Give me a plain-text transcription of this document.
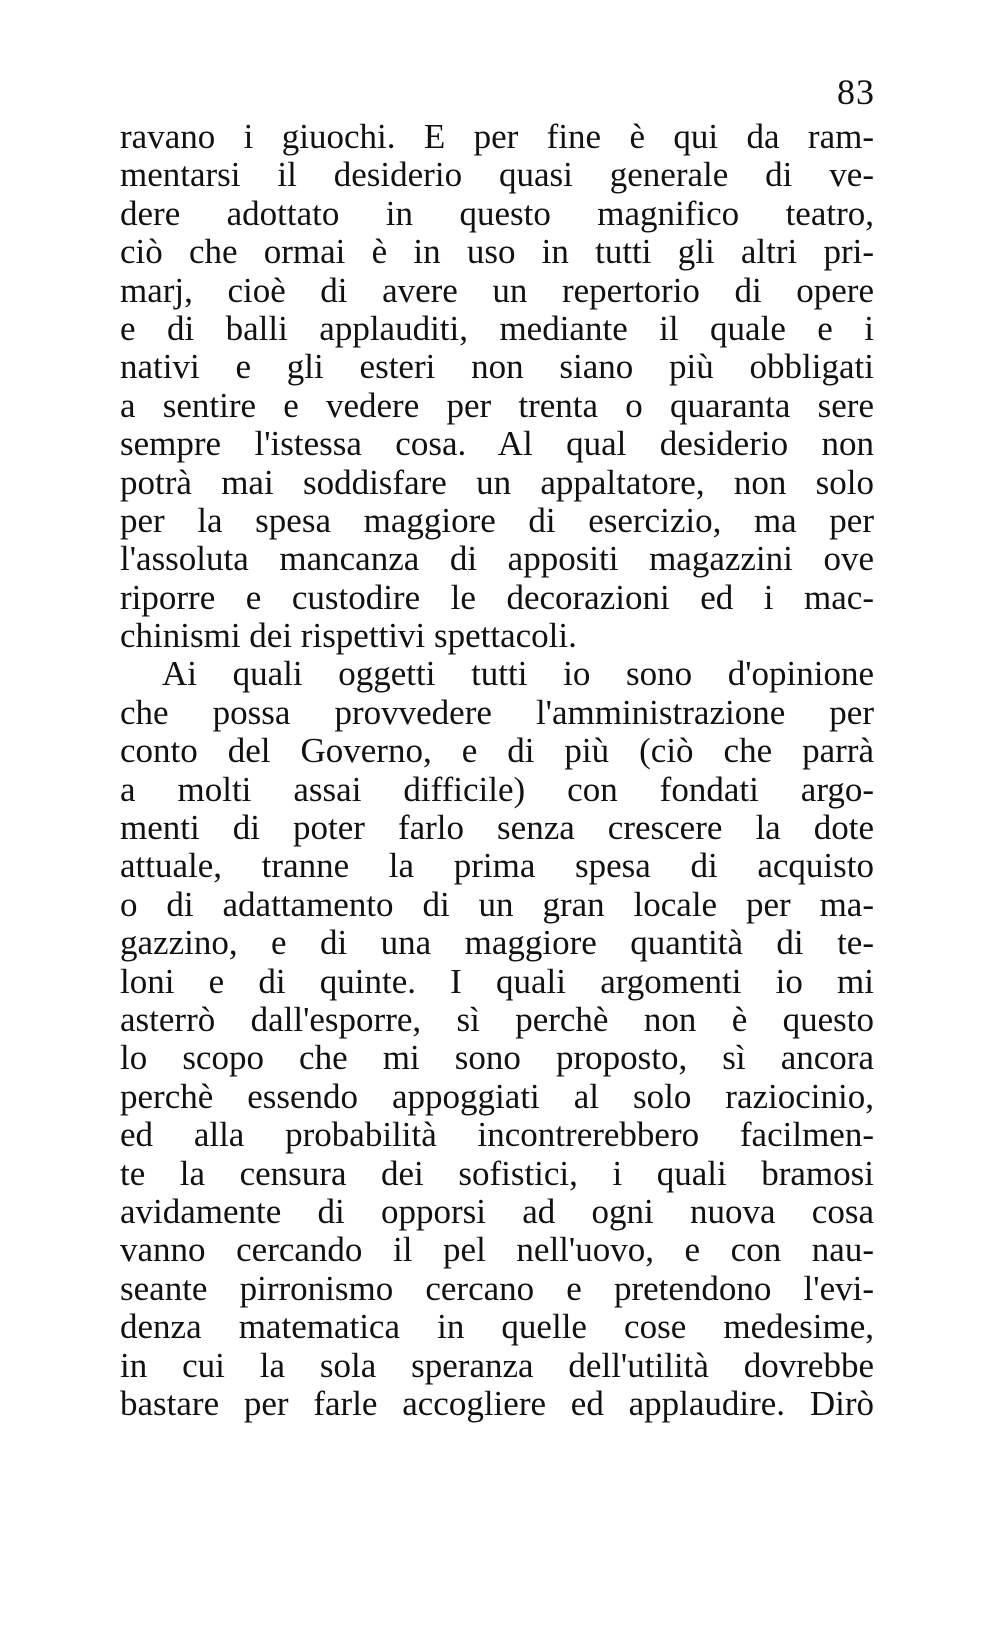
83
ravano i giuochi. E per fine è qui da ram-
mentarsi il desiderio quasi generale di ve-
dere adottato in questo magnifico teatro,
ciò che ormai è in uso in tutti gli altri pri-
marj, cioè di avere un repertorio di opere
e di balli applauditi, mediante il quale e i
nativi e gli esteri non siano più obbligati
a sentire e vedere per trenta o quaranta sere
sempre l'istessa cosa. Al qual desiderio non
potrà mai soddisfare un appaltatore, non solo
per la spesa maggiore di esercizio, ma per
l'assoluta mancanza di appositi magazzini ove
riporre e custodire le decorazioni ed i mac-
chinismi dei rispettivi spettacoli.
Ai quali oggetti tutti io sono d'opinione
che possa provvedere l'amministrazione per
conto del Governo, e di più (ciò che parrà
a molti assai difficile) con fondati argo-
menti di poter farlo senza crescere la dote
attuale, tranne la prima spesa di acquisto
o di adattamento di un gran locale per ma-
gazzino, e di una maggiore quantità di te-
loni e di quinte. I quali argomenti io mi
asterrò dall'esporre, sì perchè non è questo
lo scopo che mi sono proposto, sì ancora
perchè essendo appoggiati al solo raziocinio,
ed alla probabilità incontrerebbero facilmen-
te la censura dei sofistici, i quali bramosi
avidamente di opporsi ad ogni nuova cosa
vanno cercando il pel nell'uovo, e con nau-
seante pirronismo cercano e pretendono l'evi-
denza matematica in quelle cose medesime,
in cui la sola speranza dell'utilità dovrebbe
bastare per farle accogliere ed applaudire. Dirò
